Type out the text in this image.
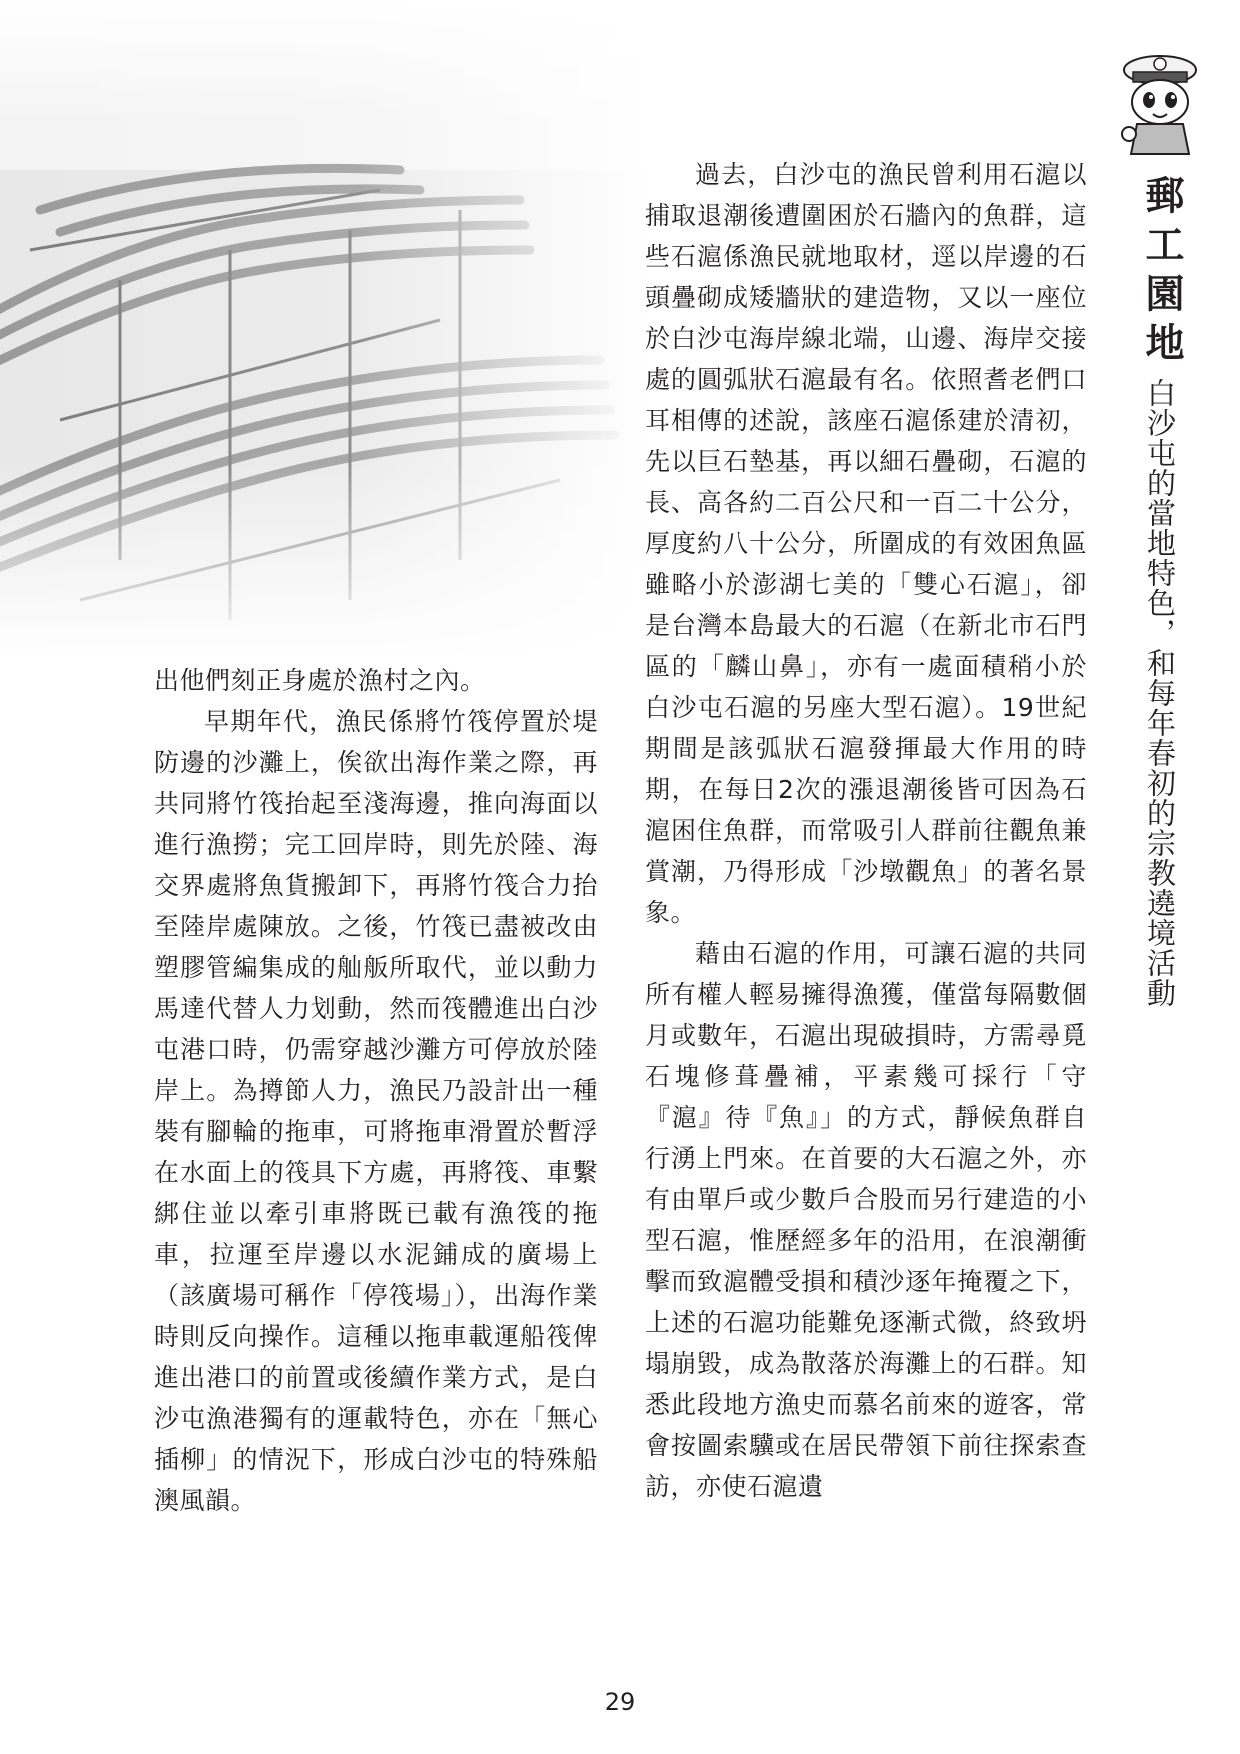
郵工園地
白沙屯的當地特色，和每年春初的宗教遶境活動

過去，白沙屯的漁民曾利用石滬以捕取退潮後遭圍困於石牆內的魚群，這些石滬係漁民就地取材，逕以岸邊的石頭疊砌成矮牆狀的建造物，又以一座位於白沙屯海岸線北端，山邊、海岸交接處的圓弧狀石滬最有名。依照耆老們口耳相傳的述說，該座石滬係建於清初，先以巨石墊基，再以細石疊砌，石滬的長、高各約二百公尺和一百二十公分，厚度約八十公分，所圍成的有效困魚區雖略小於澎湖七美的「雙心石滬」，卻是台灣本島最大的石滬（在新北市石門區的「麟山鼻」，亦有一處面積稍小於白沙屯石滬的另座大型石滬）。19世紀期間是該弧狀石滬發揮最大作用的時期，在每日2次的漲退潮後皆可因為石滬困住魚群，而常吸引人群前往觀魚兼賞潮，乃得形成「沙墩觀魚」的著名景象。

藉由石滬的作用，可讓石滬的共同所有權人輕易擁得漁獲，僅當每隔數個月或數年，石滬出現破損時，方需尋覓石塊修葺疊補，平素幾可採行「守『滬』待『魚』」的方式，靜候魚群自行湧上門來。在首要的大石滬之外，亦有由單戶或少數戶合股而另行建造的小型石滬，惟歷經多年的沿用，在浪潮衝擊而致滬體受損和積沙逐年掩覆之下，上述的石滬功能難免逐漸式微，終致坍塌崩毀，成為散落於海灘上的石群。知悉此段地方漁史而慕名前來的遊客，常會按圖索驥或在居民帶領下前往探索查訪，亦使石滬遺

出他們刻正身處於漁村之內。

早期年代，漁民係將竹筏停置於堤防邊的沙灘上，俟欲出海作業之際，再共同將竹筏抬起至淺海邊，推向海面以進行漁撈；完工回岸時，則先於陸、海交界處將魚貨搬卸下，再將竹筏合力抬至陸岸處陳放。之後，竹筏已盡被改由塑膠管編集成的舢舨所取代，並以動力馬達代替人力划動，然而筏體進出白沙屯港口時，仍需穿越沙灘方可停放於陸岸上。為撙節人力，漁民乃設計出一種裝有腳輪的拖車，可將拖車滑置於暫浮在水面上的筏具下方處，再將筏、車繫綁住並以牽引車將既已載有漁筏的拖車，拉運至岸邊以水泥鋪成的廣場上（該廣場可稱作「停筏場」），出海作業時則反向操作。這種以拖車載運船筏俾進出港口的前置或後續作業方式，是白沙屯漁港獨有的運載特色，亦在「無心插柳」的情況下，形成白沙屯的特殊船澳風韻。

29
